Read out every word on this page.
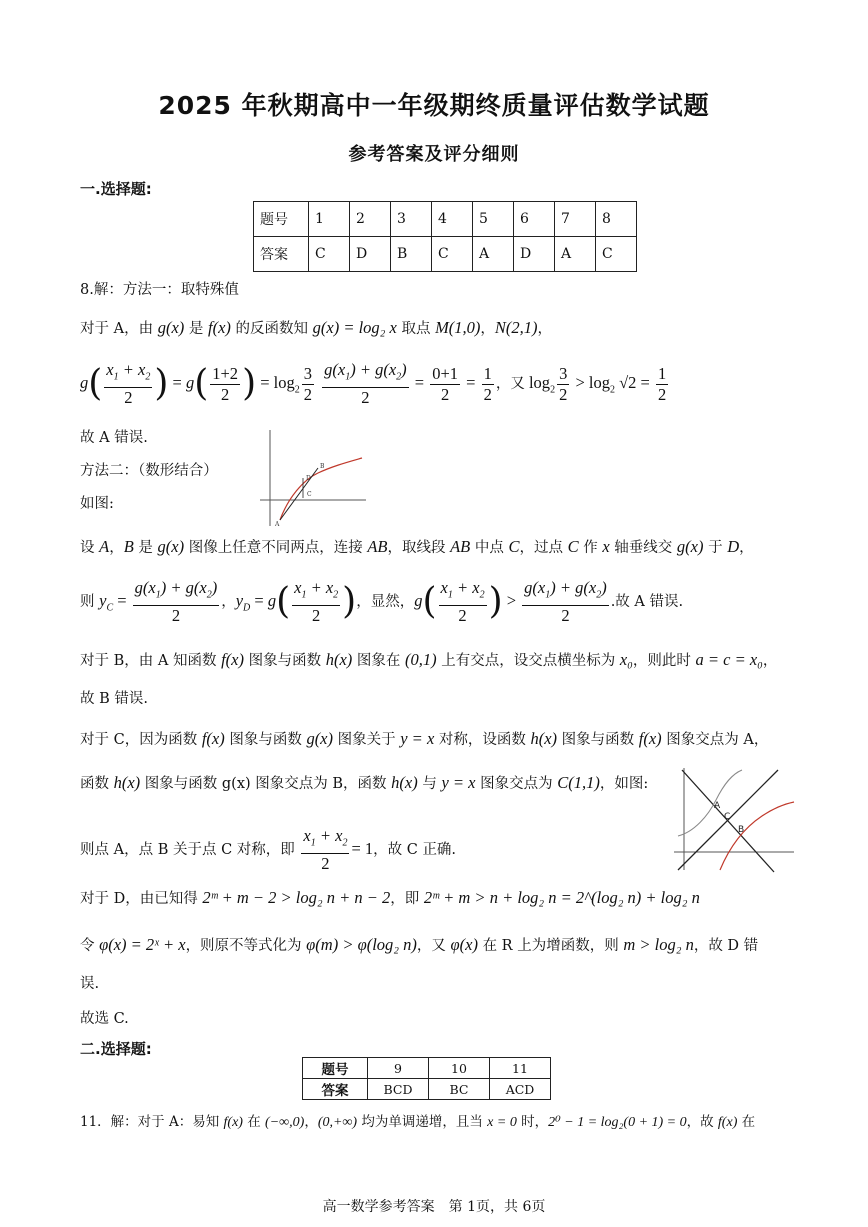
2025 年秋期高中一年级期终质量评估数学试题
参考答案及评分细则
一.选择题:
题号	1	2	3	4	5	6	7	8
答案	C	D	B	C	A	D	A	C
8.解：方法一：取特殊值
对于 A，由 g(x) 是 f(x) 的反函数知 g(x) = log₂ x 取点 M(1,0)，N(2,1)，
$g( \frac{x_1 + x_2}{2}$ ) = $g( \frac{1+2}{2}$ ) = $\log_2 \frac{3}{2}$
$\frac{g(x_1) + g(x_2)}{2} = \frac{0+1}{2} = \frac{1}{2}$ ，又 $\log_2 \frac{3}{2} > \log_2 √2 = \frac{1}{2}$
故 A 错误.
方法二：（数形结合）
如图:
B
D
C
A
设 A，B 是 g(x) 图像上任意不同两点，连接 AB，取线段 AB 中点 C，过点 C 作 x 轴垂线交 g(x) 于 D，
则 $y_C = \frac{g(x_1) + g(x_2)}{2}$ ，$y_D = g( \frac{x_1 + x_2}{2}$ )，显然，$g( \frac{x_1 + x_2}{2}$ ) > $\frac{g(x_1) + g(x_2)}{2}$ .故 A 错误.
对于 B，由 A 知函数 f(x) 图象与函数 h(x) 图象在 (0,1) 上有交点，设交点横坐标为 x₀，则此时 a = c = x₀，
故 B 错误.
对于 C，因为函数 f(x) 图象与函数 g(x) 图象关于 y = x 对称，设函数 h(x) 图象与函数 f(x) 图象交点为 A，
函数 h(x) 图象与函数 g(x) 图象交点为 B，函数 h(x) 与 y = x 图象交点为 C(1,1)，如图:
A
C
B
则点 A，点 B 关于点 C 对称，即 $\frac{x_1 + x_2}{2} = 1$，故 C 正确.
对于 D，由已知得 2ᵐ + m − 2 > log₂ n + n − 2，即 2ᵐ + m > n + log₂ n = 2^(log₂ n) + log₂ n
令 φ(x) = 2ˣ + x，则原不等式化为 φ(m) > φ(log₂ n)，又 φ(x) 在 R 上为增函数，则 m > log₂ n，故 D 错
误.
故选 C.
二.选择题:
题号	9	10	11
答案	BCD	BC	ACD
11．解：对于 A：易知 f(x) 在 (−∞,0)，(0,+∞) 均为单调递增，且当 x = 0 时，2⁰ − 1 = log₂(0 + 1) = 0，故 f(x) 在
高一数学参考答案　第 1页，共 6页
